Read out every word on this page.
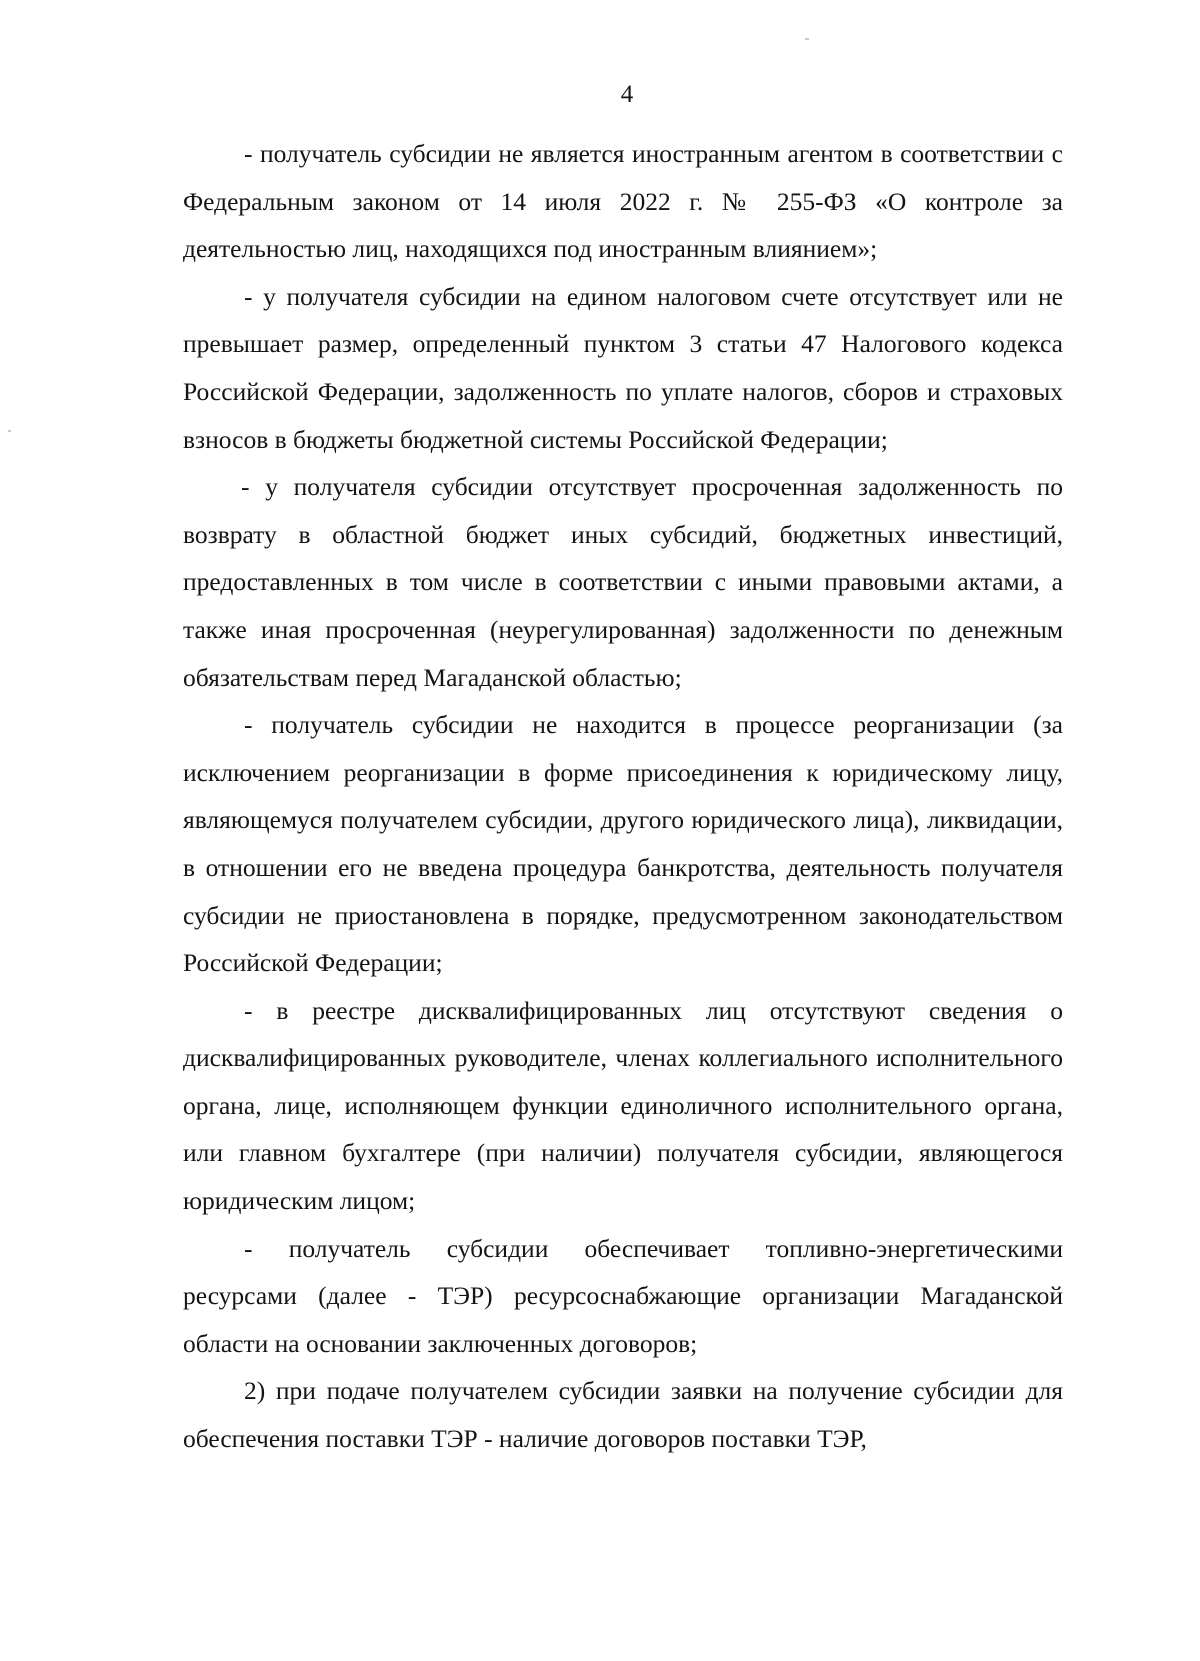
4

- получатель субсидии не является иностранным агентом в соответствии с Федеральным законом от 14 июля 2022 г. № 255-ФЗ «О контроле за деятельностью лиц, находящихся под иностранным влиянием»;

- у получателя субсидии на едином налоговом счете отсутствует или не превышает размер, определенный пунктом 3 статьи 47 Налогового кодекса Российской Федерации, задолженность по уплате налогов, сборов и страховых взносов в бюджеты бюджетной системы Российской Федерации;

- у получателя субсидии отсутствует просроченная задолженность по возврату в областной бюджет иных субсидий, бюджетных инвестиций, предоставленных в том числе в соответствии с иными правовыми актами, а также иная просроченная (неурегулированная) задолженности по денежным обязательствам перед Магаданской областью;

- получатель субсидии не находится в процессе реорганизации (за исключением реорганизации в форме присоединения к юридическому лицу, являющемуся получателем субсидии, другого юридического лица), ликвидации, в отношении его не введена процедура банкротства, деятельность получателя субсидии не приостановлена в порядке, предусмотренном законодательством Российской Федерации;

- в реестре дисквалифицированных лиц отсутствуют сведения о дисквалифицированных руководителе, членах коллегиального исполнительного органа, лице, исполняющем функции единоличного исполнительного органа, или главном бухгалтере (при наличии) получателя субсидии, являющегося юридическим лицом;

- получатель субсидии обеспечивает топливно-энергетическими ресурсами (далее - ТЭР) ресурсоснабжающие организации Магаданской области на основании заключенных договоров;

2) при подаче получателем субсидии заявки на получение субсидии для обеспечения поставки ТЭР - наличие договоров поставки ТЭР,
